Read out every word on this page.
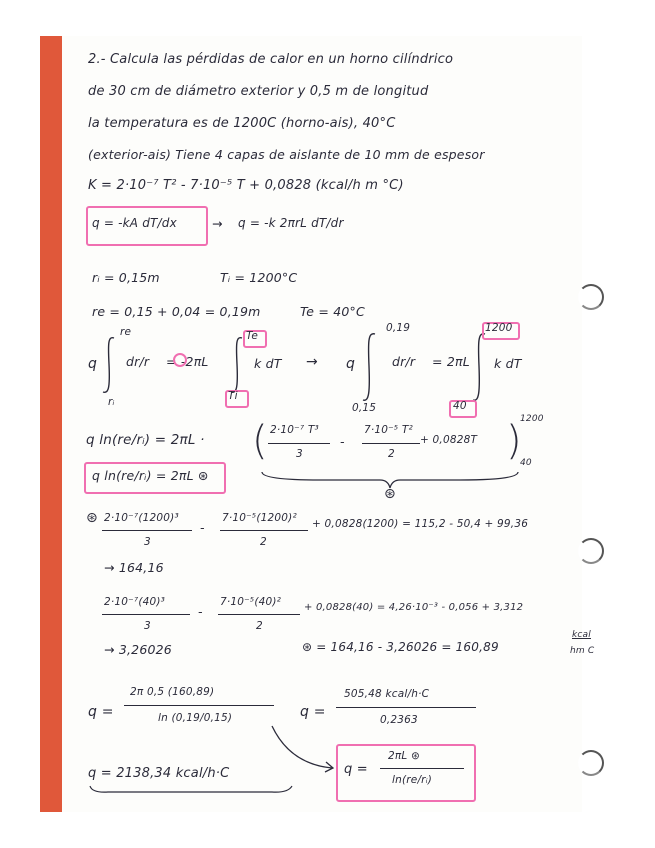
2.- Calcula las pérdidas de calor en un horno cilíndrico
de 30 cm de diámetro exterior y 0,5 m de longitud
la temperatura es de 1200C (horno-ais), 40°C
(exterior-ais) Tiene 4 capas de aislante de 10 mm de espesor
K = 2·10⁻⁷ T² - 7·10⁻⁵ T + 0,0828 (kcal/h m °C)
q = -kA dT/dx	→ q = -k 2πrL dT/dr
rᵢ = 0,15m	Tᵢ = 1200°C
re = 0,15 + 0,04 = 0,19m	Te = 40°C
q
re
rᵢ
dr/r = -2πL
Te
Ti
k dT → q
0,19
0,15
dr/r = 2πL
1200
40
k dT
q ln(re/rᵢ) = 2πL · ( 2·10⁻⁷ T³
3
-
7·10⁻⁵ T²
2
+ 0,0828T )
1200
40
⊛
q ln(re/rᵢ) = 2πL ⊛
⊛ 2·10⁻⁷(1200)³
3
-
7·10⁻⁵(1200)²
2
+ 0,0828(1200) = 115,2 - 50,4 + 99,36
→ 164,16
2·10⁻⁷(40)³
3
-
7·10⁻⁵(40)²
2
+ 0,0828(40) = 4,26·10⁻³ - 0,056 + 3,312
→ 3,26026	⊛ = 164,16 - 3,26026 = 160,89
kcal
hm C
q =
2π 0,5 (160,89)
ln (0,19/0,15)	q =
505,48 kcal/h·C
0,2363
q = 2138,34 kcal/h·C	q =
2πL ⊛
ln(re/rᵢ)
